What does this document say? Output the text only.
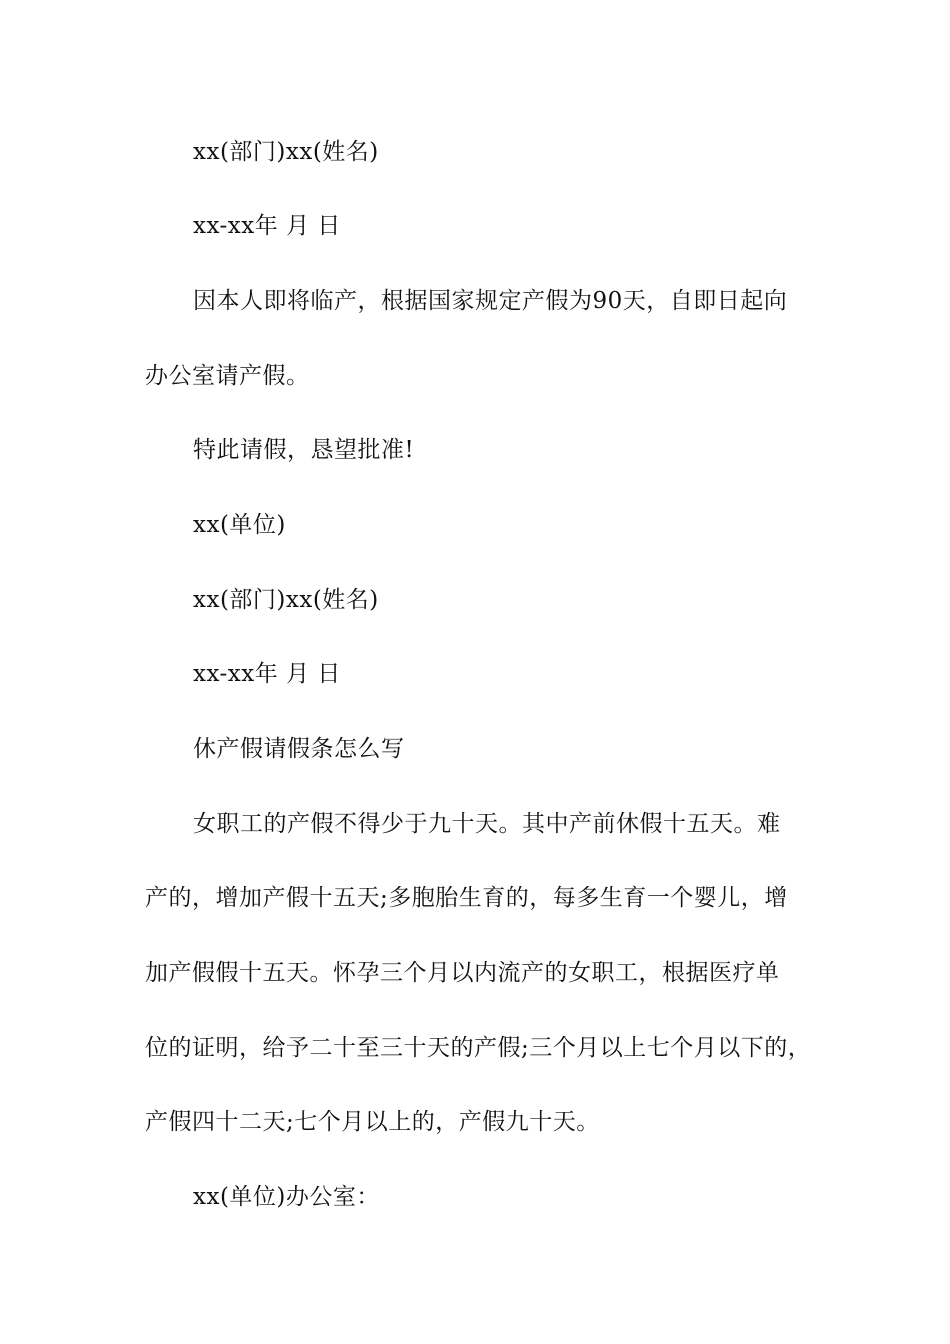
xx(部门)xx(姓名)
xx-xx年 月 日
因本人即将临产，根据国家规定产假为90天，自即日起向
办公室请产假。
特此请假，恳望批准!
xx(单位)
xx(部门)xx(姓名)
xx-xx年 月 日
休产假请假条怎么写
女职工的产假不得少于九十天。其中产前休假十五天。难
产的，增加产假十五天;多胞胎生育的，每多生育一个婴儿，增
加产假假十五天。怀孕三个月以内流产的女职工，根据医疗单
位的证明，给予二十至三十天的产假;三个月以上七个月以下的，
产假四十二天;七个月以上的，产假九十天。
xx(单位)办公室：
